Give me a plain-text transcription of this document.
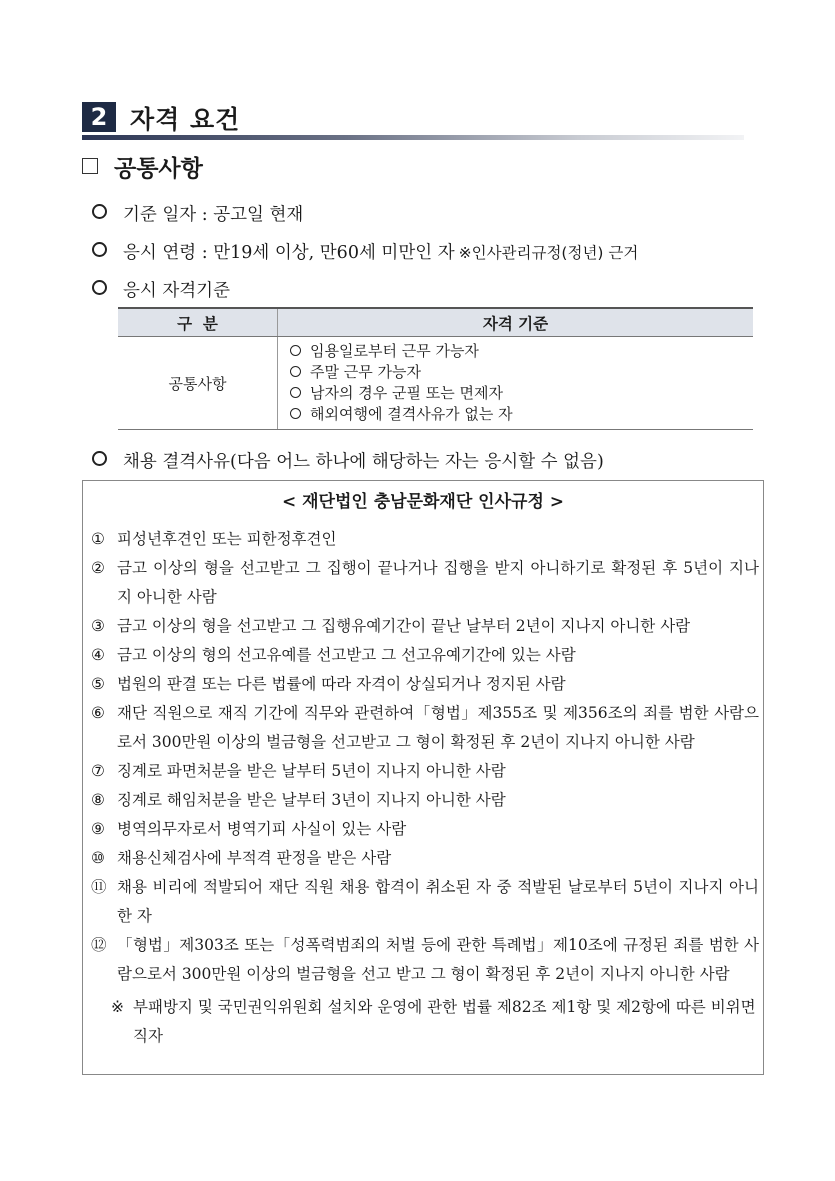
2 자격 요건
공통사항
기준 일자 : 공고일 현재
응시 연령 : 만19세 이상, 만60세 미만인 자 ※인사관리규정(정년) 근거
응시 자격기준
구  분	자격 기준
공통사항	임용일로부터 근무 가능자
주말 근무 가능자
남자의 경우 군필 또는 면제자
해외여행에 결격사유가 없는 자
채용 결격사유(다음 어느 하나에 해당하는 자는 응시할 수 없음)
< 재단법인 충남문화재단 인사규정 >
① 피성년후견인 또는 피한정후견인
② 금고 이상의 형을 선고받고 그 집행이 끝나거나 집행을 받지 아니하기로 확정된 후 5년이 지나지 아니한 사람
③ 금고 이상의 형을 선고받고 그 집행유예기간이 끝난 날부터 2년이 지나지 아니한 사람
④ 금고 이상의 형의 선고유예를 선고받고 그 선고유예기간에 있는 사람
⑤ 법원의 판결 또는 다른 법률에 따라 자격이 상실되거나 정지된 사람
⑥ 재단 직원으로 재직 기간에 직무와 관련하여「형법」제355조 및 제356조의 죄를 범한 사람으로서 300만원 이상의 벌금형을 선고받고 그 형이 확정된 후 2년이 지나지 아니한 사람
⑦ 징계로 파면처분을 받은 날부터 5년이 지나지 아니한 사람
⑧ 징계로 해임처분을 받은 날부터 3년이 지나지 아니한 사람
⑨ 병역의무자로서 병역기피 사실이 있는 사람
⑩ 채용신체검사에 부적격 판정을 받은 사람
⑪ 채용 비리에 적발되어 재단 직원 채용 합격이 취소된 자 중 적발된 날로부터 5년이 지나지 아니한 자
⑫ 「형법」제303조 또는「성폭력범죄의 처벌 등에 관한 특례법」제10조에 규정된 죄를 범한 사람으로서 300만원 이상의 벌금형을 선고 받고 그 형이 확정된 후 2년이 지나지 아니한 사람
※ 부패방지 및 국민권익위원회 설치와 운영에 관한 법률 제82조 제1항 및 제2항에 따른 비위면직자
